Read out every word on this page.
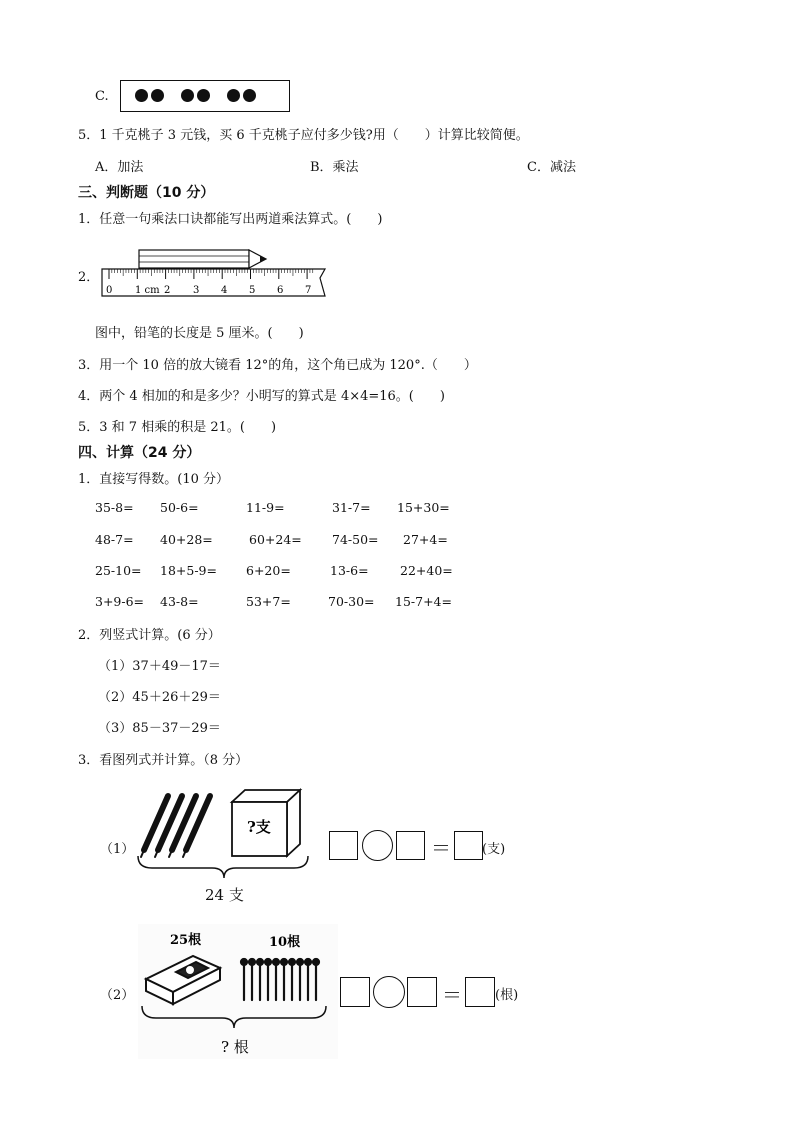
C.
5．1 千克桃子 3 元钱，买 6 千克桃子应付多少钱?用（　　）计算比较简便。
A．加法	B．乘法	C．减法
三、判断题（10 分）
1．任意一句乘法口诀都能写出两道乘法算式。(　　)
2．
0 1 cm 2 3 4 5 6 7
图中，铅笔的长度是 5 厘米。(　　)
3．用一个 10 倍的放大镜看 12°的角，这个角已成为 120°.（　　）
4．两个 4 相加的和是多少？小明写的算式是 4×4=16。(　　)
5．3 和 7 相乘的积是 21。(　　)
四、计算（24 分）
1．直接写得数。(10 分）
35-8= 50-6=	11-9=	31-7= 15+30=
48-7= 40+28=	60+24= 74-50= 27+4=
25-10= 18+5-9= 6+20=	13-6=	22+40=
3+9-6= 43-8=	53+7=	70-30= 15-7+4=
2．列竖式计算。(6 分）
（1）37＋49－17＝
（2）45＋26＋29＝
（3）85－37－29＝
3．看图列式并计算。（8 分）
（1）
?支
24 支
＝ (支)
（2）
25根	10根
? 根
＝	(根)
